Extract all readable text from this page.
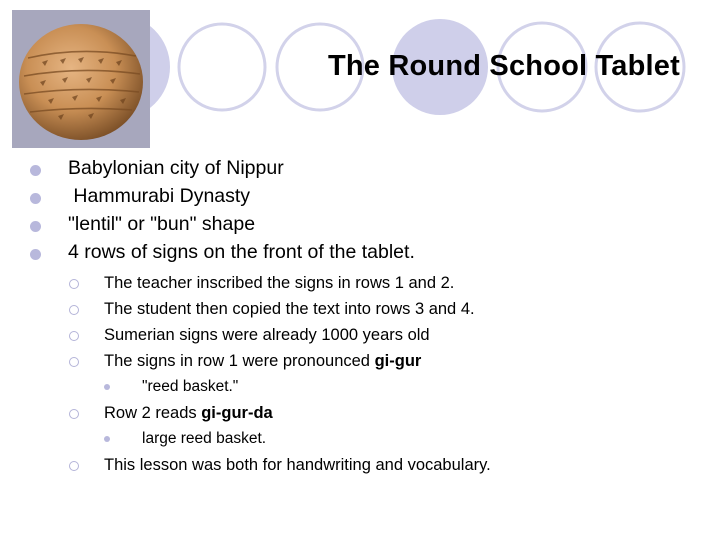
The Round School Tablet
Babylonian city of Nippur
Hammurabi Dynasty
"lentil" or "bun" shape
4 rows of signs on the front of the tablet.
The teacher inscribed the signs in rows 1 and 2.
The student then copied the text into rows 3 and 4.
Sumerian signs were already 1000 years old
The signs in row 1 were pronounced gi-gur
"reed basket."
Row 2 reads gi-gur-da
large reed basket.
This lesson was both for handwriting and vocabulary.
